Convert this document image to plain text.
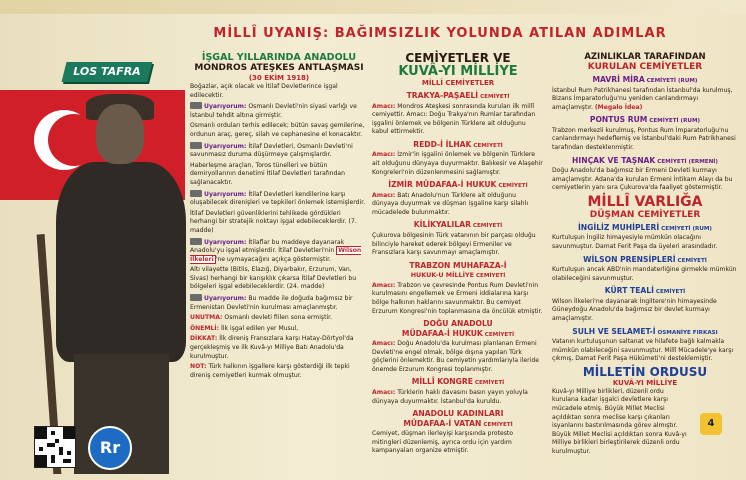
LOS TAFRA
Rr
MİLLÎ UYANIŞ: BAĞIMSIZLIK YOLUNDA ATILAN ADIMLAR
İŞGAL YILLARINDA ANADOLU
MONDROS ATEŞKES ANTLAŞMASI
(30 EKİM 1918)

Boğazlar, açık olacak ve İtilaf Devletlerince işgal edilecektir.

Uyarıyorum: Osmanlı Devleti'nin siyasi varlığı ve İstanbul tehdit altına girmiştir.

Osmanlı orduları terhis edilecek; bütün savaş gemilerine, ordunun araç, gereç, silah ve cephanesine el konacaktır.

Uyarıyorum: İtilaf Devletleri, Osmanlı Devleti'ni savunmasız duruma düşürmeye çalışmışlardır.

Haberleşme araçları, Toros tünelleri ve bütün demiryollarının denetimi İtilaf Devletleri tarafından sağlanacaktır.

Uyarıyorum: İtilaf Devletleri kendilerine karşı oluşabilecek direnişleri ve tepkileri önlemek istemişlerdir.

İtilaf Devletleri güvenliklerini tehlikede gördükleri herhangi bir stratejik noktayı işgal edebileceklerdir. (7. madde)

Uyarıyorum: İtilaflar bu maddeye dayanarak Anadolu'yu işgal etmişlerdir. İtilaf Devletleri'nin Wilson İlkeleri 'ne uymayacağını açıkça göstermiştir.

Altı vilayette (Bitlis, Elazığ, Diyarbakır, Erzurum, Van, Sivas) herhangi bir karışıklık çıkarsa İtilaf Devletleri bu bölgeleri işgal edebileceklerdir. (24. madde)

Uyarıyorum: Bu madde ile doğuda bağımsız bir Ermenistan Devleti'nin kurulması amaçlanmıştır.

UNUTMA: Osmanlı devleti fiilen sona ermiştir.

ÖNEMLİ: İlk işgal edilen yer Musul,

DİKKAT: İlk direniş Fransızlara karşı Hatay-Dörtyol'da gerçekleşmiş ve ilk Kuvâ-yı Milliye Batı Anadolu'da kurulmuştur.

NOT: Türk halkının işgallere karşı gösterdiği ilk tepki direniş cemiyetleri kurmak olmuştur.

CEMİYETLER VE
KUVÂ-YI MİLLİYE
MİLLÎ CEMİYETLER
TRAKYA-PAŞAELİ CEMİYETİ

Amacı: Mondros Ateşkesi sonrasında kurulan ilk millî cemiyettir. Amacı: Doğu Trakya'nın Rumlar tarafından işgalini önlemek ve bölgenin Türklere ait olduğunu kabul ettirmektir.

REDD-İ İLHAK CEMİYETİ

Amacı: İzmir'in işgalini önlemek ve bölgenin Türklere ait olduğunu dünyaya duyurmaktır. Balıkesir ve Alaşehir Kongreleri'nin düzenlenmesini sağlamıştır.

İZMİR MÜDAFAA-İ HUKUK CEMİYETİ

Amacı: Batı Anadolu'nun Türklere ait olduğunu dünyaya duyurmak ve düşman işgaline karşı silahlı mücadelede bulunmaktır.

KİLİKYALILAR CEMİYETİ

Çukurova bölgesinin Türk vatanının bir parçası olduğu bilinciyle hareket ederek bölgeyi Ermeniler ve Fransızlara karşı savunmayı amaçlamıştır.

TRABZON MUHAFAZA-İ
HUKUK-U MİLLİYE CEMİYETİ

Amacı: Trabzon ve çevresinde Pontus Rum Devleti'nin kurulmasını engellemek ve Ermeni iddialarına karşı bölge halkının haklarını savunmaktır. Bu cemiyet Erzurum Kongresi'nin toplanmasına da öncülük etmiştir.

DOĞU ANADOLU
MÜDAFAA-İ HUKUK CEMİYETİ

Amacı: Doğu Anadolu'da kurulması planlanan Ermeni Devleti'ne engel olmak, bölge dışına yapılan Türk göçlerini önlemektir. Bu cemiyetin yardımlarıyla ileride önemde Erzurum Kongresi toplanmıştır.

MİLLÎ KONGRE CEMİYETİ

Amacı: Türklerin haklı davasını basın yayın yoluyla dünyaya duyurmaktır. İstanbul'da kuruldu.

ANADOLU KADINLARI
MÜDAFAA-İ VATAN CEMİYETİ

Cemiyet, düşman ilerleyişi karşısında protesto mitingleri düzenlemiş, ayrıca ordu için yardım kampanyaları organize etmiştir.

AZINLIKLAR TARAFINDAN
KURULAN CEMİYETLER
MAVRİ MİRA CEMİYETİ (RUM)

İstanbul Rum Patrikhanesi tarafından İstanbul'da kurulmuş, Bizans İmparatorluğu'nu yeniden canlandırmayı amaçlamıştır. (Megalo İdea)

PONTUS RUM CEMİYETİ (RUM)

Trabzon merkezli kurulmuş, Pontus Rum İmparatorluğu'nu canlandırmayı hedeflemiş ve İstanbul'daki Rum Patrikhanesi tarafından desteklenmiştir.

HINÇAK VE TAŞNAK CEMİYETİ (ERMENİ)

Doğu Anadolu'da bağımsız bir Ermeni Devleti kurmayı amaçlamıştır. Adana'da kurulan Ermeni İntikam Alayı da bu cemiyetlerin yanı sıra Çukurova'da faaliyet göstermiştir.

MİLLÎ VARLIĞA
DÜŞMAN CEMİYETLER
İNGİLİZ MUHİPLERİ CEMİYETİ (RUM)

Kurtuluşun İngiliz himayesiyle mümkün olacağını savunmuştur. Damat Ferit Paşa da üyeleri arasındadır.

WİLSON PRENSİPLERİ CEMİYETİ

Kurtuluşun ancak ABD'nin mandaterliğine girmekle mümkün olabileceğini savunmuştur.

KÜRT TEALİ CEMİYETİ

Wilson İlkeleri'ne dayanarak İngiltere'nin himayesinde Güneydoğu Anadolu'da bağımsız bir devlet kurmayı amaçlamıştır.

SULH VE SELAMET-İ OSMANİYE FIRKASI

Vatanın kurtuluşunun saltanat ve hilafete bağlı kalmakla mümkün olabileceğini savunmuştur. Millî Mücadele'ye karşı çıkmış, Damat Ferit Paşa Hükümeti'ni desteklemiştir.

MİLLETİN ORDUSU
KUVÂ-YI MİLLİYE

Kuvâ-yı Milliye birlikleri, düzenli ordu kurulana kadar işgalci devletlere karşı mücadele etmiş. Büyük Millet Meclisi açıldıktan sonra meclise karşı çıkanları isyanlarını bastırılmasında görev almıştır. Büyük Millet Meclisi açıldıktan sonra Kuvâ-yı Milliye birlikleri birleştirilerek düzenli ordu kurulmuştur.

4
